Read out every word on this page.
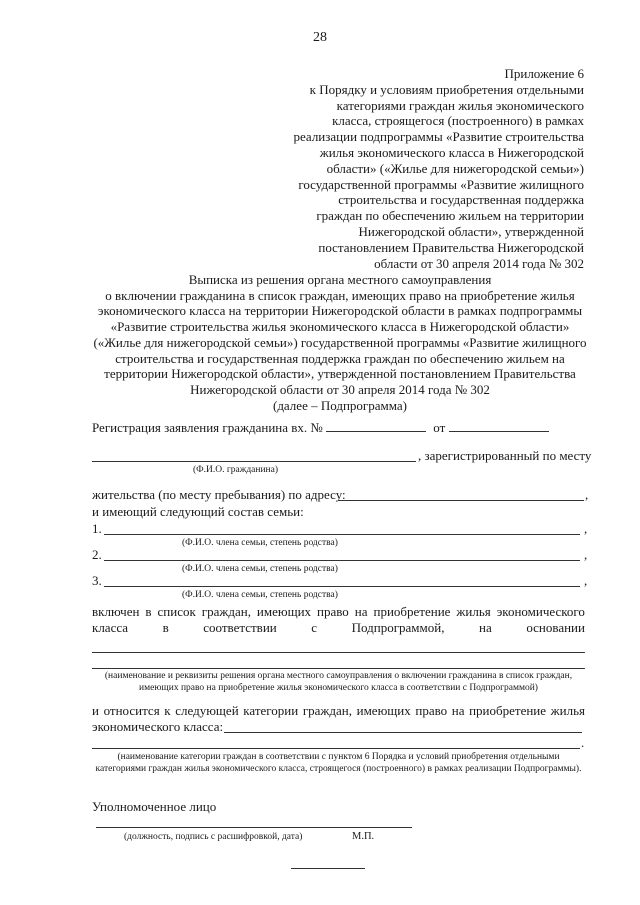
28
Приложение 6
к Порядку и условиям приобретения отдельными
категориями граждан жилья экономического
класса, строящегося (построенного) в рамках
реализации подпрограммы «Развитие строительства
жилья экономического класса в Нижегородской
области» («Жилье для нижегородской семьи»)
государственной программы «Развитие жилищного
строительства и государственная поддержка
граждан по обеспечению жильем на территории
Нижегородской области», утвержденной
постановлением Правительства Нижегородской
области от 30 апреля 2014 года № 302
Выписка из решения органа местного самоуправления
о включении гражданина в список граждан, имеющих право на приобретение жилья
экономического класса на территории Нижегородской области в рамках подпрограммы
«Развитие строительства жилья экономического класса в Нижегородской области»
(«Жилье для нижегородской семьи») государственной программы «Развитие жилищного
строительства и государственная поддержка граждан по обеспечению жильем на
территории Нижегородской области», утвержденной постановлением Правительства
Нижегородской области от 30 апреля 2014 года № 302
(далее – Подпрограмма)
Регистрация заявления гражданина вх. №	от
, зарегистрированный по месту
(Ф.И.О. гражданина)
жительства (по месту пребывания) по адресу:	,
и имеющий следующий состав семьи:
1.	,
(Ф.И.О. члена семьи, степень родства)
2.	,
(Ф.И.О. члена семьи, степень родства)
3.	,
(Ф.И.О. члена семьи, степень родства)
включен в список граждан, имеющих право на приобретение жилья экономического
класса	в	соответствии	с	Подпрограммой,	на	основании
(наименование и реквизиты решения органа местного самоуправления о включении гражданина в список граждан, имеющих право на приобретение жилья экономического класса в соответствии с Подпрограммой)
и относится к следующей категории граждан, имеющих право на приобретение жилья
экономического класса:
.
(наименование категории граждан в соответствии с пунктом 6 Порядка и условий приобретения отдельными категориями граждан жилья экономического класса, строящегося (построенного) в рамках реализации Подпрограммы).
Уполномоченное лицо
(должность, подпись с расшифровкой, дата)	М.П.
